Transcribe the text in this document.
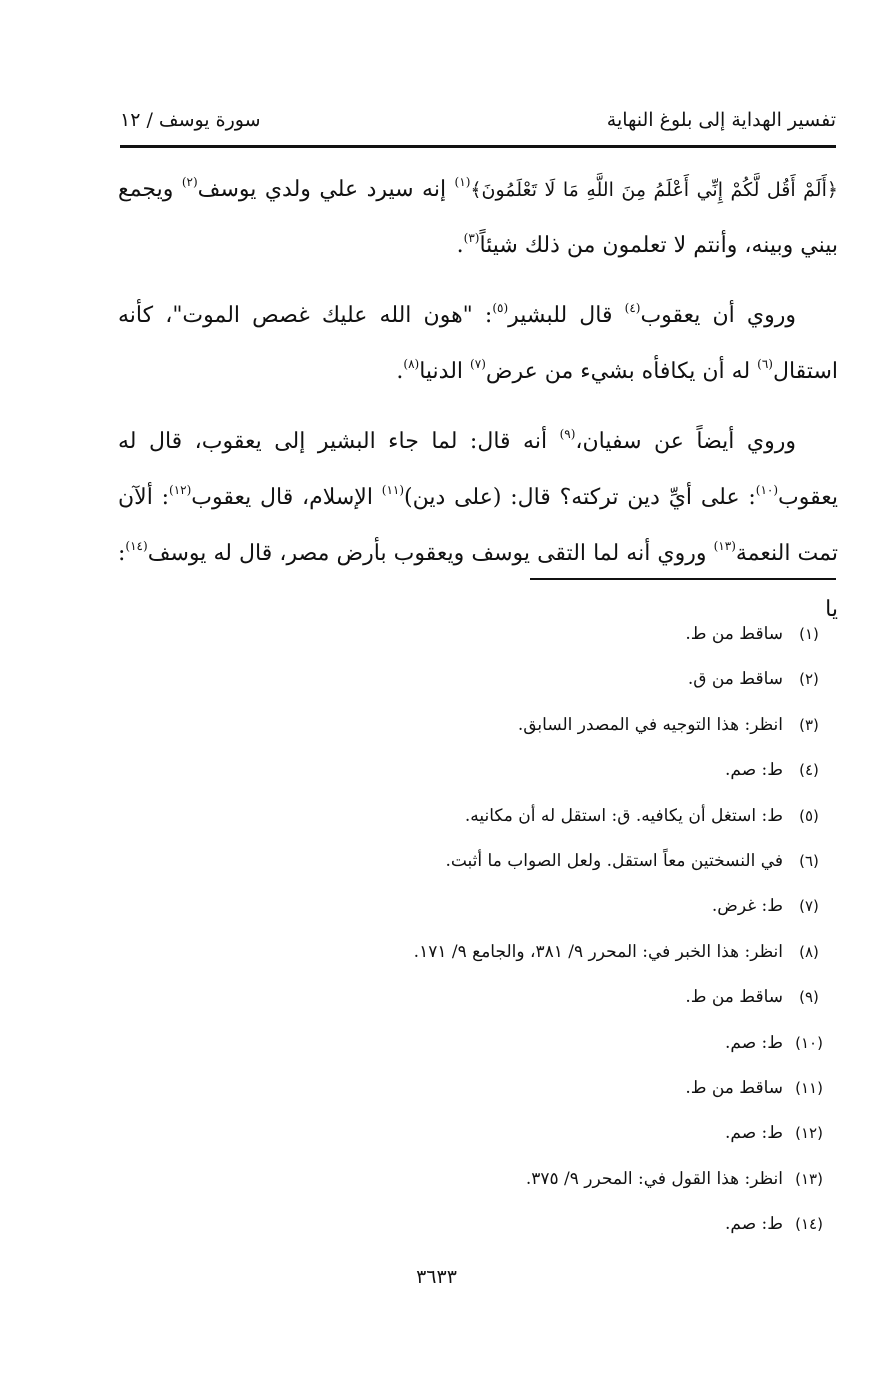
تفسير الهداية إلى بلوغ النهاية
سورة يوسف / ١٢

﴿أَلَمْ أَقُل لَّكُمْ إِنِّي أَعْلَمُ مِنَ اللَّهِ مَا لَا تَعْلَمُونَ﴾$^{(١)}$ إنه سيرد علي ولدي يوسف$^{(٢)}$ ويجمع بيني وبينه، وأنتم لا تعلمون من ذلك شيئاً$^{(٣)}$.

وروي أن يعقوب$^{(٤)}$ قال للبشير$^{(٥)}$: "هون الله عليك غصص الموت"، كأنه استقال$^{(٦)}$ له أن يكافأه بشيء من عرض$^{(٧)}$ الدنيا$^{(٨)}$.

وروي أيضاً عن سفيان،$^{(٩)}$ أنه قال: لما جاء البشير إلى يعقوب، قال له يعقوب$^{(١٠)}$: على أيِّ دين تركته؟ قال: (على دين)$^{(١١)}$ الإسلام، قال يعقوب$^{(١٢)}$: ألآن تمت النعمة$^{(١٣)}$ وروي أنه لما التقى يوسف ويعقوب بأرض مصر، قال له يوسف$^{(١٤)}$: يا

(١)
ساقط من ط.
(٢)
ساقط من ق.
(٣)
انظر: هذا التوجيه في المصدر السابق.
(٤)
ط: صم.
(٥)
ط: استغل أن يكافيه. ق: استقل له أن مكانيه.
(٦)
في النسختين معاً استقل. ولعل الصواب ما أثبت.
(٧)
ط: غرض.
(٨)
انظر: هذا الخبر في: المحرر ٩/ ٣٨١، والجامع ٩/ ١٧١.
(٩)
ساقط من ط.
(١٠)
ط: صم.
(١١)
ساقط من ط.
(١٢)
ط: صم.
(١٣)
انظر: هذا القول في: المحرر ٩/ ٣٧٥.
(١٤)
ط: صم.
٣٦٣٣
